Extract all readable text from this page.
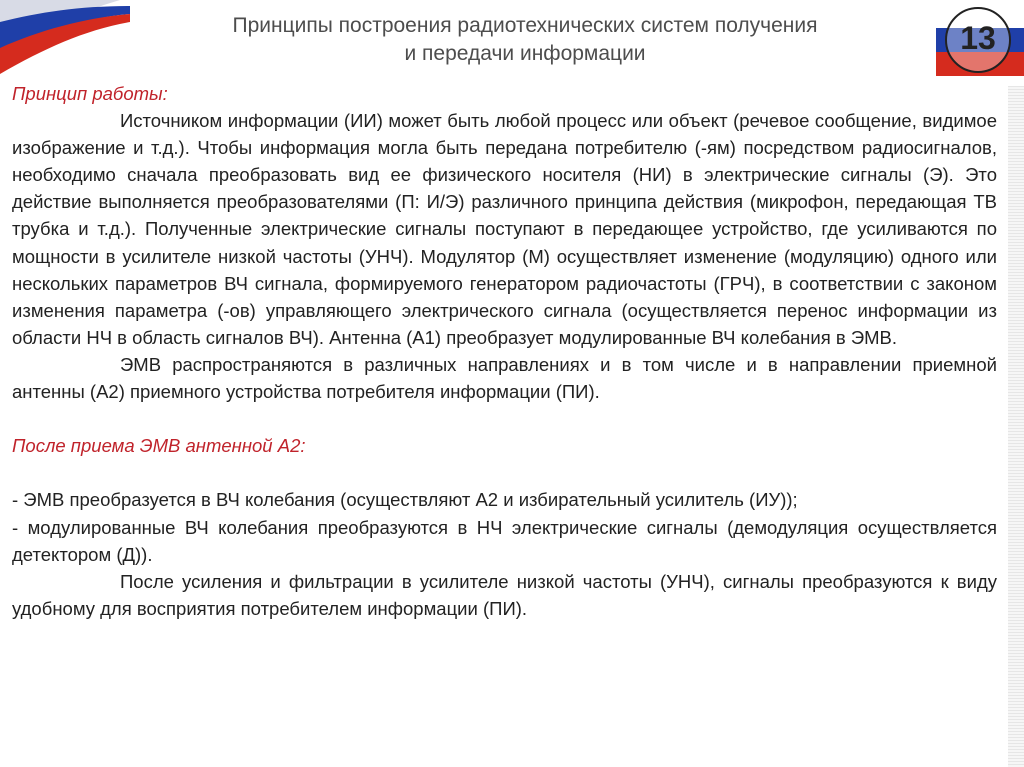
13
Принципы построения радиотехнических систем получения
и передачи информации

Принцип работы:

Источником информации (ИИ) может быть любой процесс или объект (речевое сообщение, видимое изображение и т.д.). Чтобы информация могла быть передана потребителю (-ям) посредством радиосигналов, необходимо сначала преобразовать вид ее физического носителя (НИ) в электрические сигналы (Э). Это действие выполняется преобразователями (П: И/Э) различного принципа действия (микрофон, передающая ТВ трубка и т.д.). Полученные электрические сигналы поступают в передающее устройство, где усиливаются по мощности в усилителе низкой частоты (УНЧ). Модулятор (М) осуществляет изменение (модуляцию) одного или нескольких параметров ВЧ сигнала, формируемого генератором радиочастоты (ГРЧ), в соответствии с законом изменения параметра (-ов) управляющего электрического сигнала (осуществляется перенос информации из области НЧ в область сигналов ВЧ). Антенна (А1) преобразует модулированные ВЧ колебания в ЭМВ.

ЭМВ распространяются в различных направлениях и в том числе и в направлении приемной антенны (А2) приемного устройства потребителя информации (ПИ).

После приема ЭМВ антенной А2:

- ЭМВ преобразуется в ВЧ колебания (осуществляют А2 и избирательный усилитель (ИУ));

- модулированные ВЧ колебания преобразуются в НЧ электрические сигналы (демодуляция осуществляется детектором (Д)).

После усиления и фильтрации в усилителе низкой частоты (УНЧ), сигналы преобразуются к виду удобному для восприятия потребителем информации (ПИ).
